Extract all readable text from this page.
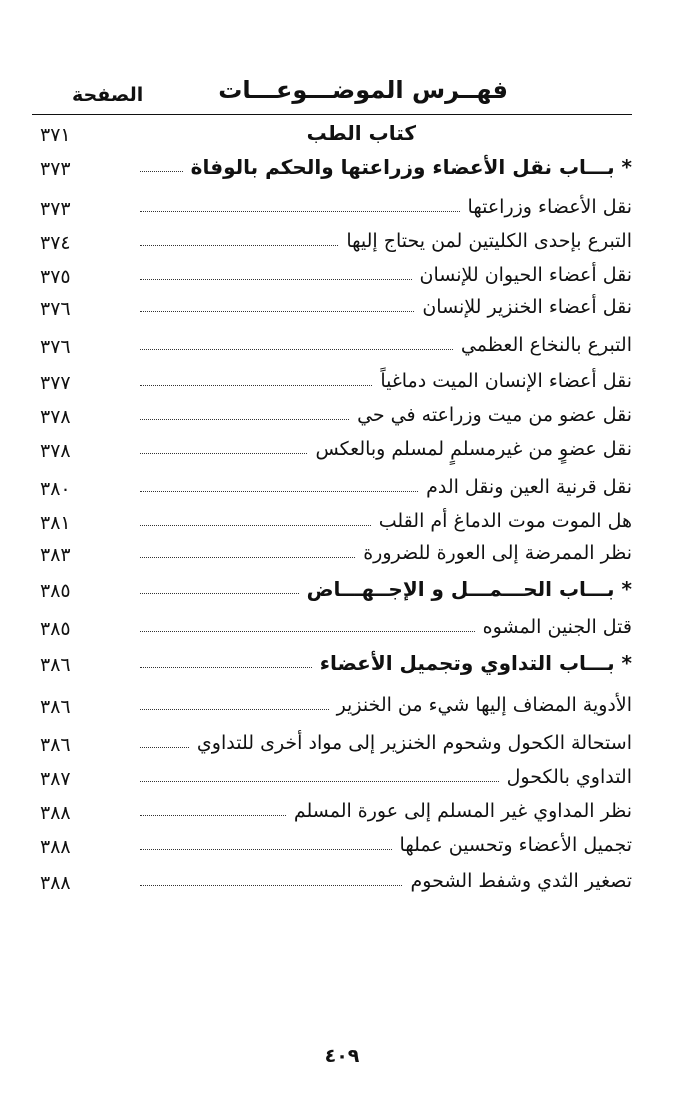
فهــرس الموضـــوعـــات
الصفحة
كتاب الطب
٣٧١
* بـــاب نقل الأعضاء وزراعتها والحكم بالوفاة
٣٧٣
نقل الأعضاء وزراعتها
٣٧٣
التبرع بإحدى الكليتين لمن يحتاج إليها
٣٧٤
نقل أعضاء الحيوان للإنسان
٣٧٥
نقل أعضاء الخنزير للإنسان
٣٧٦
التبرع بالنخاع العظمي
٣٧٦
نقل أعضاء الإنسان الميت دماغياً
٣٧٧
نقل عضو من ميت وزراعته في حي
٣٧٨
نقل عضوٍ من غيرمسلمٍ لمسلم وبالعكس
٣٧٨
نقل قرنية العين ونقل الدم
٣٨٠
هل الموت موت الدماغ أم القلب
٣٨١
نظر الممرضة إلى العورة للضرورة
٣٨٣
* بـــاب الحـــمـــل و الإجــهـــاض
٣٨٥
قتل الجنين المشوه
٣٨٥
* بـــاب التداوي وتجميل الأعضاء
٣٨٦
الأدوية المضاف إليها شيء من الخنزير
٣٨٦
استحالة الكحول وشحوم الخنزير إلى مواد أخرى للتداوي
٣٨٦
التداوي بالكحول
٣٨٧
نظر المداوي غير المسلم إلى عورة المسلم
٣٨٨
تجميل الأعضاء وتحسين عملها
٣٨٨
تصغير الثدي وشفط الشحوم
٣٨٨
٤٠٩
